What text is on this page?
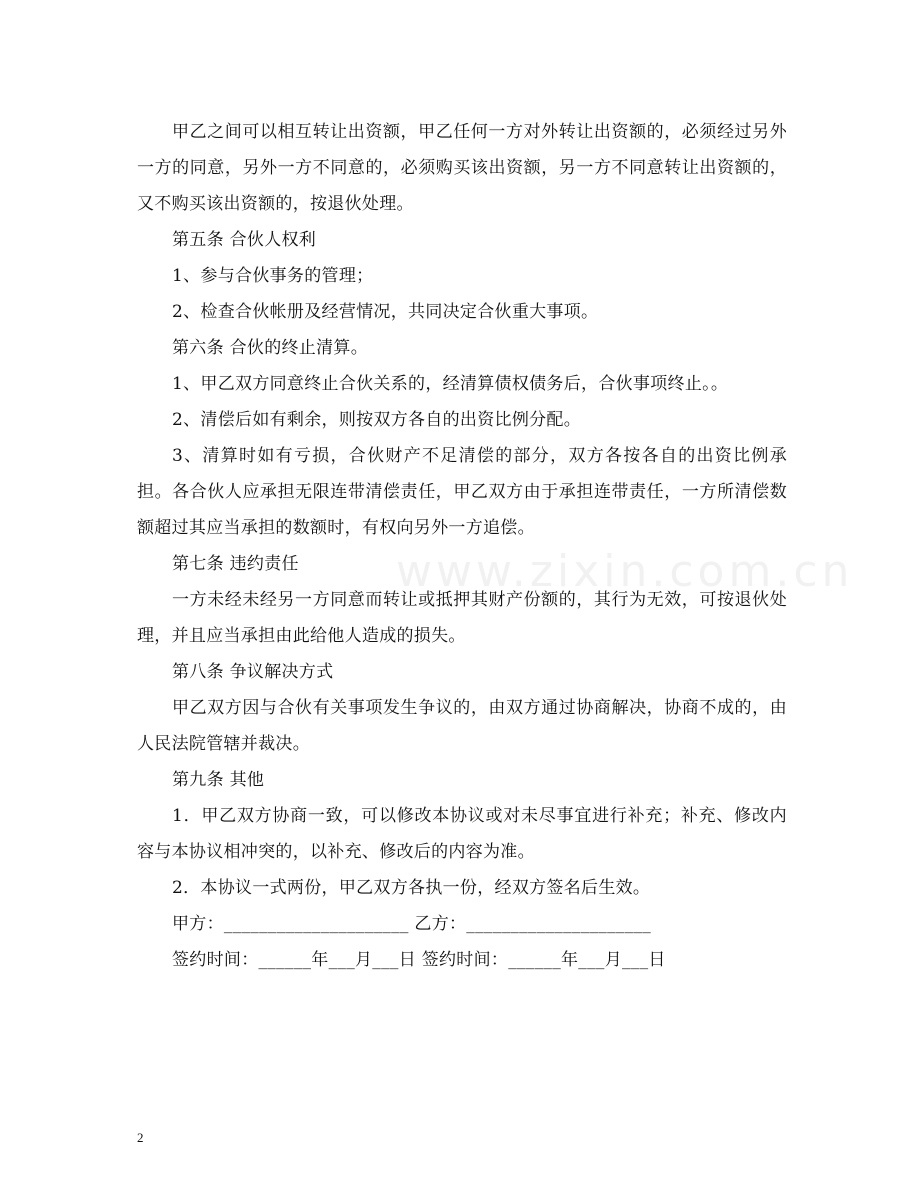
www.zixin.com.cn

甲乙之间可以相互转让出资额，甲乙任何一方对外转让出资额的，必须经过另外一方的同意，另外一方不同意的，必须购买该出资额，另一方不同意转让出资额的，又不购买该出资额的，按退伙处理。

第五条 合伙人权利

1、参与合伙事务的管理；

2、检查合伙帐册及经营情况，共同决定合伙重大事项。

第六条 合伙的终止清算。

1、甲乙双方同意终止合伙关系的，经清算债权债务后，合伙事项终止。。

2、清偿后如有剩余，则按双方各自的出资比例分配。

3、清算时如有亏损，合伙财产不足清偿的部分，双方各按各自的出资比例承担。各合伙人应承担无限连带清偿责任，甲乙双方由于承担连带责任，一方所清偿数额超过其应当承担的数额时，有权向另外一方追偿。

第七条 违约责任

一方未经未经另一方同意而转让或抵押其财产份额的，其行为无效，可按退伙处理，并且应当承担由此给他人造成的损失。

第八条 争议解决方式

甲乙双方因与合伙有关事项发生争议的，由双方通过协商解决，协商不成的，由 人民法院管辖并裁决。

第九条 其他

1．甲乙双方协商一致，可以修改本协议或对未尽事宜进行补充；补充、修改内容与本协议相冲突的，以补充、修改后的内容为准。

2．本协议一式两份，甲乙双方各执一份，经双方签名后生效。

甲方：_____________________ 乙方：_____________________

签约时间：______年___月___日 签约时间：______年___月___日

2
